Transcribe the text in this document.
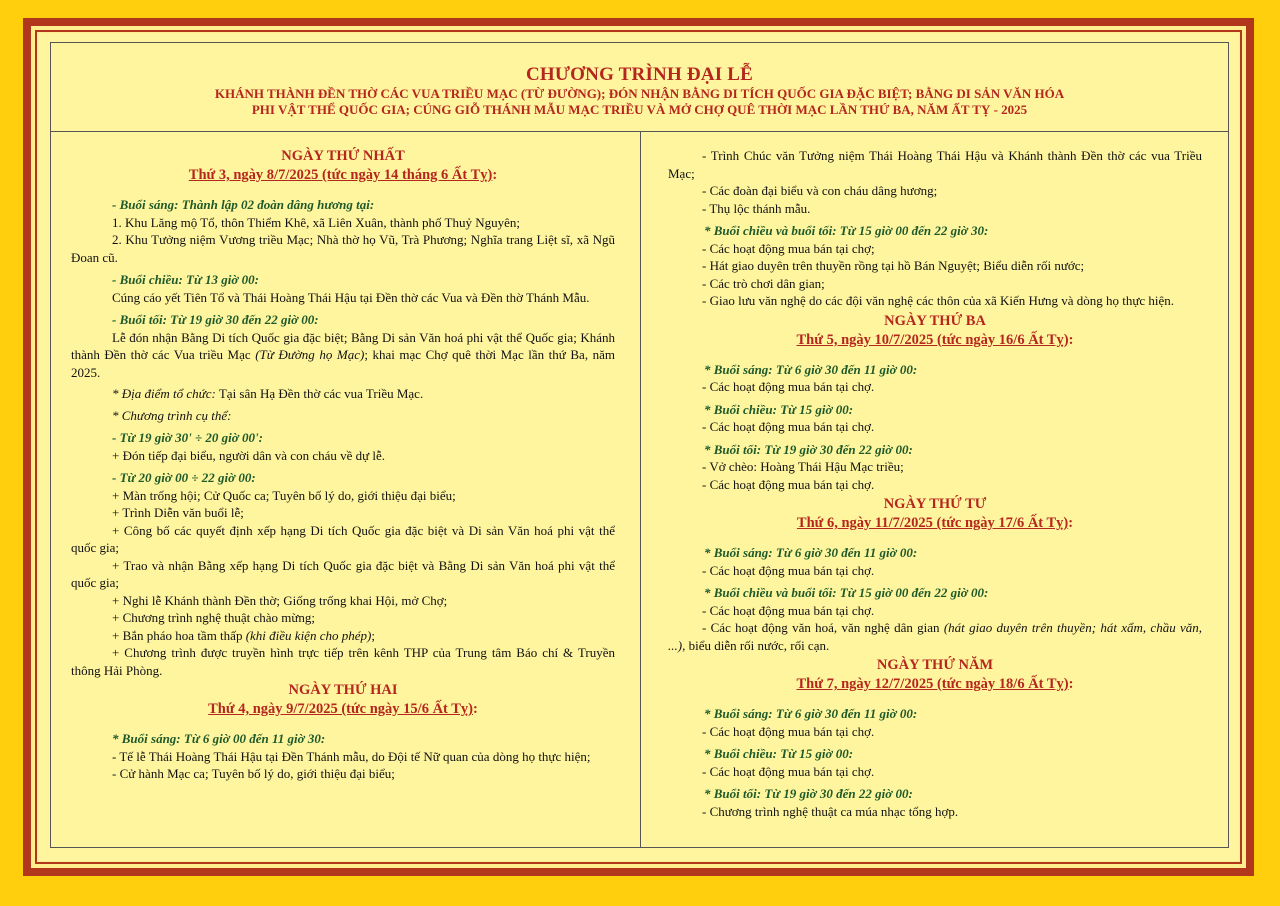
CHƯƠNG TRÌNH ĐẠI LỄ
KHÁNH THÀNH ĐỀN THỜ CÁC VUA TRIỀU MẠC (TỪ ĐƯỜNG); ĐÓN NHẬN BẰNG DI TÍCH QUỐC GIA ĐẶC BIỆT; BẰNG DI SẢN VĂN HÓA
PHI VẬT THỂ QUỐC GIA; CÚNG GIỖ THÁNH MẪU MẠC TRIỀU VÀ MỞ CHỢ QUÊ THỜI MẠC LẦN THỨ BA, NĂM ẤT TỴ - 2025

NGÀY THỨ NHẤT

Thứ 3, ngày 8/7/2025 (tức ngày 14 tháng 6 Ất Tỵ):

- Buổi sáng: Thành lập 02 đoàn dâng hương tại:

1. Khu Lăng mộ Tổ, thôn Thiểm Khê, xã Liên Xuân, thành phố Thuỷ Nguyên;

2. Khu Tưởng niệm Vương triều Mạc; Nhà thờ họ Vũ, Trà Phương; Nghĩa trang Liệt sĩ, xã Ngũ Đoan cũ.

- Buổi chiều: Từ 13 giờ 00:

Cúng cáo yết Tiên Tổ và Thái Hoàng Thái Hậu tại Đền thờ các Vua và Đền thờ Thánh Mẫu.

- Buổi tối: Từ 19 giờ 30 đến 22 giờ 00:

Lễ đón nhận Bằng Di tích Quốc gia đặc biệt; Bằng Di sản Văn hoá phi vật thể Quốc gia; Khánh thành Đền thờ các Vua triều Mạc (Từ Đường họ Mạc); khai mạc Chợ quê thời Mạc lần thứ Ba, năm 2025.

* Địa điểm tổ chức: Tại sân Hạ Đền thờ các vua Triều Mạc.

* Chương trình cụ thể:

- Từ 19 giờ 30' ÷ 20 giờ 00':

+ Đón tiếp đại biểu, người dân và con cháu về dự lễ.

- Từ 20 giờ 00 ÷ 22 giờ 00:

+ Màn trống hội; Cử Quốc ca; Tuyên bố lý do, giới thiệu đại biểu;

+ Trình Diễn văn buổi lễ;

+ Công bố các quyết định xếp hạng Di tích Quốc gia đặc biệt và Di sản Văn hoá phi vật thể quốc gia;

+ Trao và nhận Bằng xếp hạng Di tích Quốc gia đặc biệt và Bằng Di sản Văn hoá phi vật thể quốc gia;

+ Nghi lễ Khánh thành Đền thờ; Giống trống khai Hội, mở Chợ;

+ Chương trình nghệ thuật chào mừng;

+ Bắn pháo hoa tầm thấp (khi điều kiện cho phép);

+ Chương trình được truyền hình trực tiếp trên kênh THP của Trung tâm Báo chí & Truyền thông Hải Phòng.

NGÀY THỨ HAI

Thứ 4, ngày 9/7/2025 (tức ngày 15/6 Ất Tỵ):

* Buổi sáng: Từ 6 giờ 00 đến 11 giờ 30:

- Tế lễ Thái Hoàng Thái Hậu tại Đền Thánh mẫu, do Đội tế Nữ quan của dòng họ thực hiện;

- Cử hành Mạc ca; Tuyên bố lý do, giới thiệu đại biểu;

- Trình Chúc văn Tưởng niệm Thái Hoàng Thái Hậu và Khánh thành Đền thờ các vua Triều Mạc;

- Các đoàn đại biểu và con cháu dâng hương;

- Thụ lộc thánh mẫu.

* Buổi chiều và buổi tối: Từ 15 giờ 00 đến 22 giờ 30:

- Các hoạt động mua bán tại chợ;

- Hát giao duyên trên thuyền rồng tại hồ Bán Nguyệt; Biểu diễn rối nước;

- Các trò chơi dân gian;

- Giao lưu văn nghệ do các đội văn nghệ các thôn của xã Kiến Hưng và dòng họ thực hiện.

NGÀY THỨ BA

Thứ 5, ngày 10/7/2025 (tức ngày 16/6 Ất Tỵ):

* Buổi sáng: Từ 6 giờ 30 đến 11 giờ 00:

- Các hoạt động mua bán tại chợ.

* Buổi chiều: Từ 15 giờ 00:

- Các hoạt động mua bán tại chợ.

* Buổi tối: Từ 19 giờ 30 đến 22 giờ 00:

- Vở chèo: Hoàng Thái Hậu Mạc triều;

- Các hoạt động mua bán tại chợ.

NGÀY THỨ TƯ

Thứ 6, ngày 11/7/2025 (tức ngày 17/6 Ất Tỵ):

* Buổi sáng: Từ 6 giờ 30 đến 11 giờ 00:

- Các hoạt động mua bán tại chợ.

* Buổi chiều và buổi tối: Từ 15 giờ 00 đến 22 giờ 00:

- Các hoạt động mua bán tại chợ.

- Các hoạt động văn hoá, văn nghệ dân gian (hát giao duyên trên thuyền; hát xẩm, chầu văn, ...), biểu diễn rối nước, rối cạn.

NGÀY THỨ NĂM

Thứ 7, ngày 12/7/2025 (tức ngày 18/6 Ất Tỵ):

* Buổi sáng: Từ 6 giờ 30 đến 11 giờ 00:

- Các hoạt động mua bán tại chợ.

* Buổi chiều: Từ 15 giờ 00:

- Các hoạt động mua bán tại chợ.

* Buổi tối: Từ 19 giờ 30 đến 22 giờ 00:

- Chương trình nghệ thuật ca múa nhạc tổng hợp.
